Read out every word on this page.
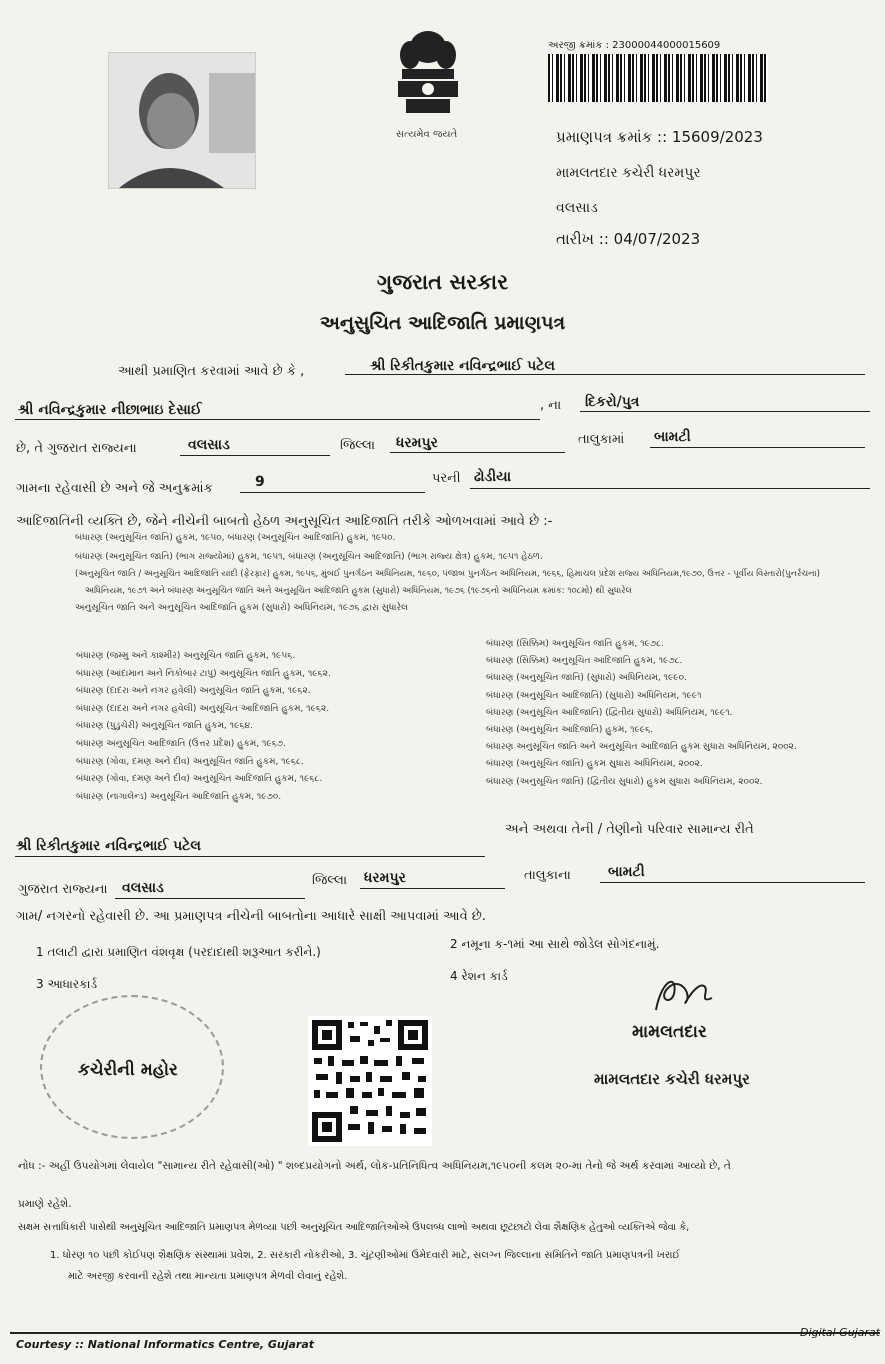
સત્યમેવ જયતે
અરજી ક્રમાંક : 23000044000015609
પ્રમાણપત્ર ક્રમાંક :: 15609/2023
મામલતદાર કચેરી ધરમપુર
વલસાડ
તારીખ :: 04/07/2023
ગુજરાત સરકાર
અનુસુચિત આદિજાતિ પ્રમાણપત્ર
આથી પ્રમાણિત કરવામાં આવે છે કે ,	શ્રી રિકીતકુમાર નવિન્દ્રભાઈ પટેલ
શ્રી નવિન્દ્રકુમાર નીછાભાઇ દેસાઈ	, ના દિકરો/પુત્ર
છે, તે ગુજરાત રાજ્યના	વલસાડ	જિલ્લા ધરમપુર	તાલુકામાં બામટી
ગામના રહેવાસી છે અને જે અનુક્રમાંક	9	પરની ઢોડીયા
આદિજાતિની વ્યક્તિ છે, જેને નીચેની બાબતો હેઠળ અનુસૂચિત આદિજાતિ તરીકે ઓળખવામાં આવે છે :-
બંધારણ (અનુસૂચિત જાતિ) હુકમ, ૧૯૫૦, બંધારણ (અનુસૂચિત આદિજાતિ) હુકમ, ૧૯૫૦.
બંધારણ (અનુસૂચિત જાતિ) (ભાગ રાજ્યોમાં) હુકમ, ૧૯૫૧, બંધારણ (અનુસૂચિત આદિજાતિ) (ભાગ રાજ્ય ક્ષેત્ર) હુકમ, ૧૯૫૧ હેઠળ.
(અનુસૂચિત જાતિ / અનુસૂચિત આદિજાતિ યાદી (ફેરફાર) હુકમ, ૧૯૫૬, મુંબઈ પુનર્ગઠન અધિનિયમ, ૧૯૬૦, પંજાબ પુનર્ગઠન અધિનિયમ, ૧૯૬૬, હિમાચલ પ્રદેશ રાજ્ય અધિનિયમ,૧૯૭૦, ઉત્તર - પૂર્વીય વિસ્તારો(પુનર્રચના)
અધિનિયમ, ૧૯૭૧ અને બંધારણ અનુસૂચિત જાતિ અને અનુસૂચિત આદિજાતિ હુકમ (સુધારો) અધિનિયમ, ૧૯૭૬ (૧૯૭૬નો અધિનિયમ ક્રમાંક: ૧૦૮મો) થી સુધારેલ
અનુસૂચિત જાતિ અને અનુસૂચિત આદિજાતિ હુકમ (સુધારો) અધિનિયમ, ૧૯૭૬ દ્વારા સુધારેલ
બંધારણ (જમ્મુ અને કાશ્મીર) અનુસૂચિત જાતિ હુકમ, ૧૯૫૬.
બંધારણ (આંદામાન અને નિકોબાર ટાપુ) અનુસૂચિત જાતિ હુકમ, ૧૯૬૨.
બંધારણ (દાદરા અને નગર હવેલી) અનુસૂચિત જાતિ હુકમ, ૧૯૬૨.
બંધારણ (દાદરા અને નગર હવેલી) અનુસૂચિત આદિજાતિ હુકમ, ૧૯૬૨.
બંધારણ (પુડુચેરી) અનુસૂચિત જાતિ હુકમ, ૧૯૬૪.
બંધારણ અનુસૂચિત આદિજાતિ (ઉત્તર પ્રદેશ) હુકમ, ૧૯૬૭.
બંધારણ (ગોવા, દમણ અને દીવ) અનુસૂચિત જાતિ હુકમ, ૧૯૬૮.
બંધારણ (ગોવા, દમણ અને દીવ) અનુસૂચિત આદિજાતિ હુકમ, ૧૯૬૮.
બંધારણ (નાગાલેન્ડ) અનુસૂચિત આદિજાતિ હુકમ, ૧૯૭૦.
બંધારણ (સિક્કિમ) અનુસૂચિત જાતિ હુકમ, ૧૯૭૮.
બંધારણ (સિક્કિમ) અનુસૂચિત આદિજાતિ હુકમ, ૧૯૭૮.
બંધારણ (અનુસૂચિત જાતિ) (સુધારો) અધિનિયમ, ૧૯૯૦.
બંધારણ (અનુસૂચિત આદિજાતિ) (સુધારો) અધિનિયમ, ૧૯૯૧
બંધારણ (અનુસૂચિત આદિજાતિ) (દ્વિતીય સુધારો) અધિનિયમ, ૧૯૯૧.
બંધારણ (અનુસૂચિત આદિજાતિ) હુકમ, ૧૯૯૬.
બંધારણ અનુસૂચિત જાતિ અને અનુસૂચિત આદિજાતિ હુકમ સુધારા અધિનિયમ, ૨૦૦૨.
બંધારણ (અનુસૂચિત જાતિ) હુકમ સુધારા અધિનિયમ, ૨૦૦૨.
બંધારણ (અનુસૂચિત જાતિ) (દ્વિતીય સુધારો) હુકમ સુધારા અધિનિયમ, ૨૦૦૨.
શ્રી રિકીતકુમાર નવિન્દ્રભાઈ પટેલ
અને અથવા તેની / તેણીનો પરિવાર સામાન્ય રીતે
ગુજરાત રાજ્યના વલસાડ	જિલ્લા ધરમપુર	તાલુકાના	બામટી
ગામ/ નગરનો રહેવાસી છે. આ પ્રમાણપત્ર નીચેની બાબતોના આધારે સાક્ષી આપવામાં આવે છે.
1 તલાટી દ્વારા પ્રમાણિત વંશવૃક્ષ (પરદાદાથી શરૂઆત કરીને.)
2 નમૂના ક-૧માં આ સાથે જોડેલ સોગંદનામું.
3 આધારકાર્ડ
4 રેશન કાર્ડ
કચેરીની મહોર
મામલતદાર
મામલતદાર કચેરી ધરમપુર
નોંધ :- અહીં ઉપયોગમાં લેવાયેલ "સામાન્ય રીતે રહેવાસી(ઓ) " શબ્દપ્રયોગનો અર્થ, લોક-પ્રતિનિધિત્વ અધિનિયમ,૧૯૫૦ની કલમ ૨૦-માં તેનો જે અર્થ કરવામાં આવ્યો છે, તે
પ્રમાણે રહેશે.
સક્ષમ સત્તાધિકારી પાસેથી અનુસૂચિત આદિજાતિ પ્રમાણપત્ર મેળવ્યા પછી અનુસૂચિત આદિજાતિઓએ ઉપલબ્ધ લાભો અથવા છૂટછાટો લેવા શૈક્ષણિક હેતુઓ વ્યક્તિએ જેવા કે,
1. ધોરણ ૧૦ પછી કોઈપણ શૈક્ષણિક સંસ્થામાં પ્રવેશ, 2. સરકારી નોકરીઓ, 3. ચૂંટણીઓમાં ઉમેદવારી માટે, સંલગ્ન જિલ્લાના સમિતિને જાતિ પ્રમાણપત્રની ખરાઈ
માટે અરજી કરવાની રહેશે તથા માન્યતા પ્રમાણપત્ર મેળવી લેવાનું રહેશે.
Courtesy :: National Informatics Centre, Gujarat
Digital Gujarat
